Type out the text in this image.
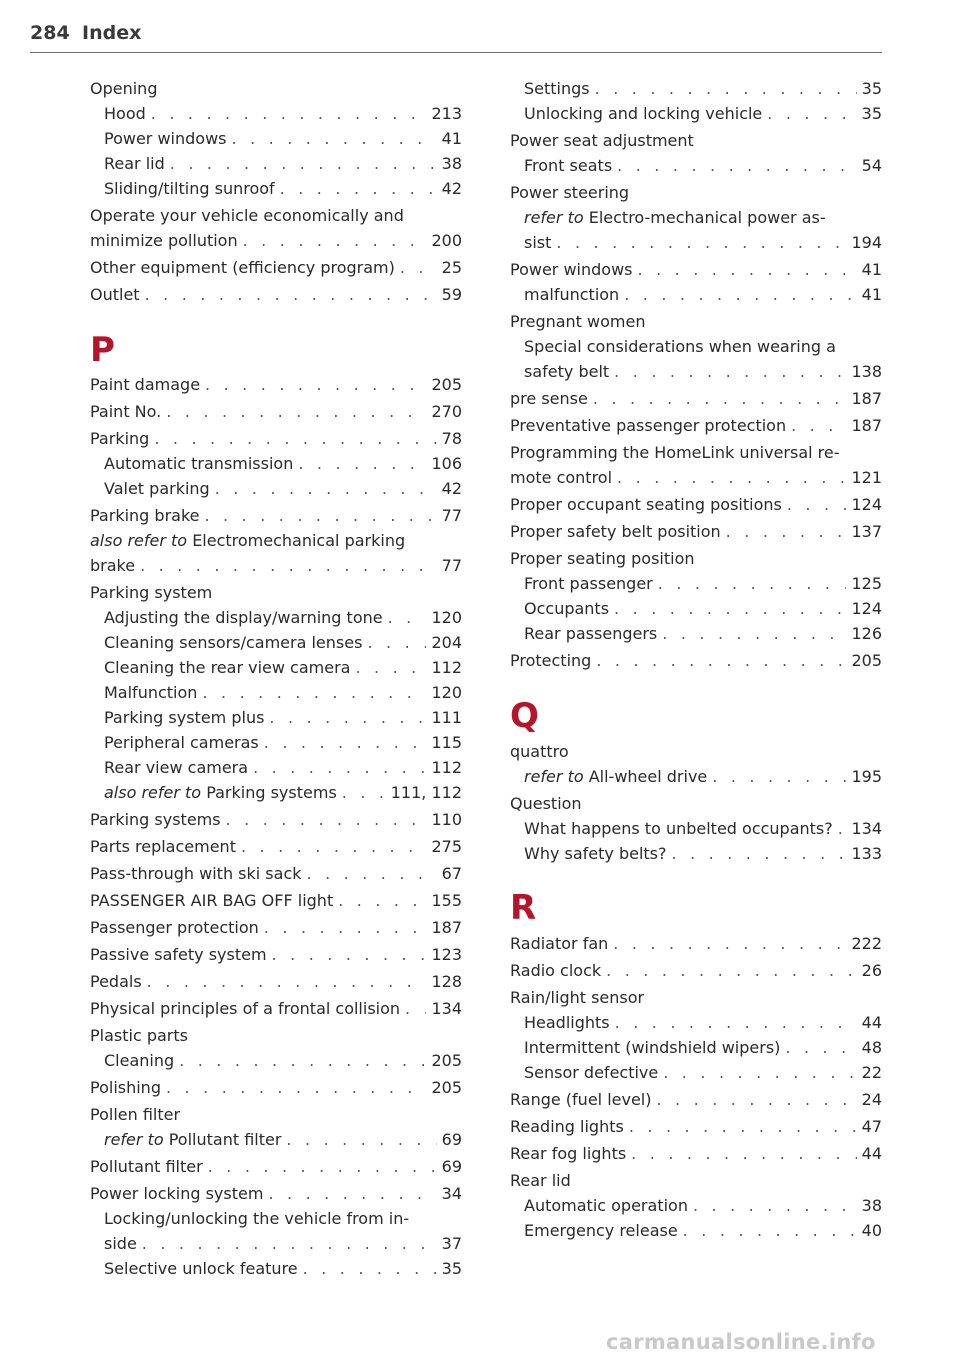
284 Index
Opening
Hood . . .	213
Power windows . . .	41
Rear lid . . .	38
Sliding/tilting sunroof . . .	42
Operate your vehicle economically and
minimize pollution . . .	200
Other equipment (efficiency program) . . .	25
Outlet . . .	59
P
Paint damage . . .	205
Paint No. . . .	270
Parking . . .	78
Automatic transmission . . .	106
Valet parking . . .	42
Parking brake . . .	77
also refer to Electromechanical parking
brake . . .	77
Parking system
Adjusting the display/warning tone . . .	120
Cleaning sensors/camera lenses . . .	204
Cleaning the rear view camera . . .	112
Malfunction . . .	120
Parking system plus . . .	111
Peripheral cameras . . .	115
Rear view camera . . .	112
also refer to Parking systems . . .	111, 112
Parking systems . . .	110
Parts replacement . . .	275
Pass-through with ski sack . . .	67
PASSENGER AIR BAG OFF light . . .	155
Passenger protection . . .	187
Passive safety system . . .	123
Pedals . . .	128
Physical principles of a frontal collision . . . 134
Plastic parts
Cleaning . . .	205
Polishing . . .	205
Pollen filter
refer to Pollutant filter . . .	69
Pollutant filter . . .	69
Power locking system . . .	34
Locking/unlocking the vehicle from in-
side . . .	37
Selective unlock feature . . .	35
Settings . . .	35
Unlocking and locking vehicle . . .	35
Power seat adjustment
Front seats . . .	54
Power steering
refer to Electro-mechanical power as-
sist . . .	194
Power windows . . .	41
malfunction . . .	41
Pregnant women
Special considerations when wearing a
safety belt . . .	138
pre sense . . .	187
Preventative passenger protection . . .	187
Programming the HomeLink universal re-
mote control . . .	121
Proper occupant seating positions . . .	124
Proper safety belt position . . .	137
Proper seating position
Front passenger . . .	125
Occupants . . .	124
Rear passengers . . .	126
Protecting . . .	205
Q
quattro
refer to All-wheel drive . . .	195
Question
What happens to unbelted occupants? . . . 134
Why safety belts? . . .	133
R
Radiator fan . . .	222
Radio clock . . .	26
Rain/light sensor
Headlights . . .	44
Intermittent (windshield wipers) . . .	48
Sensor defective . . .	22
Range (fuel level) . . .	24
Reading lights . . .	47
Rear fog lights . . .	44
Rear lid
Automatic operation . . .	38
Emergency release . . .	40
carmanualsonline.info
